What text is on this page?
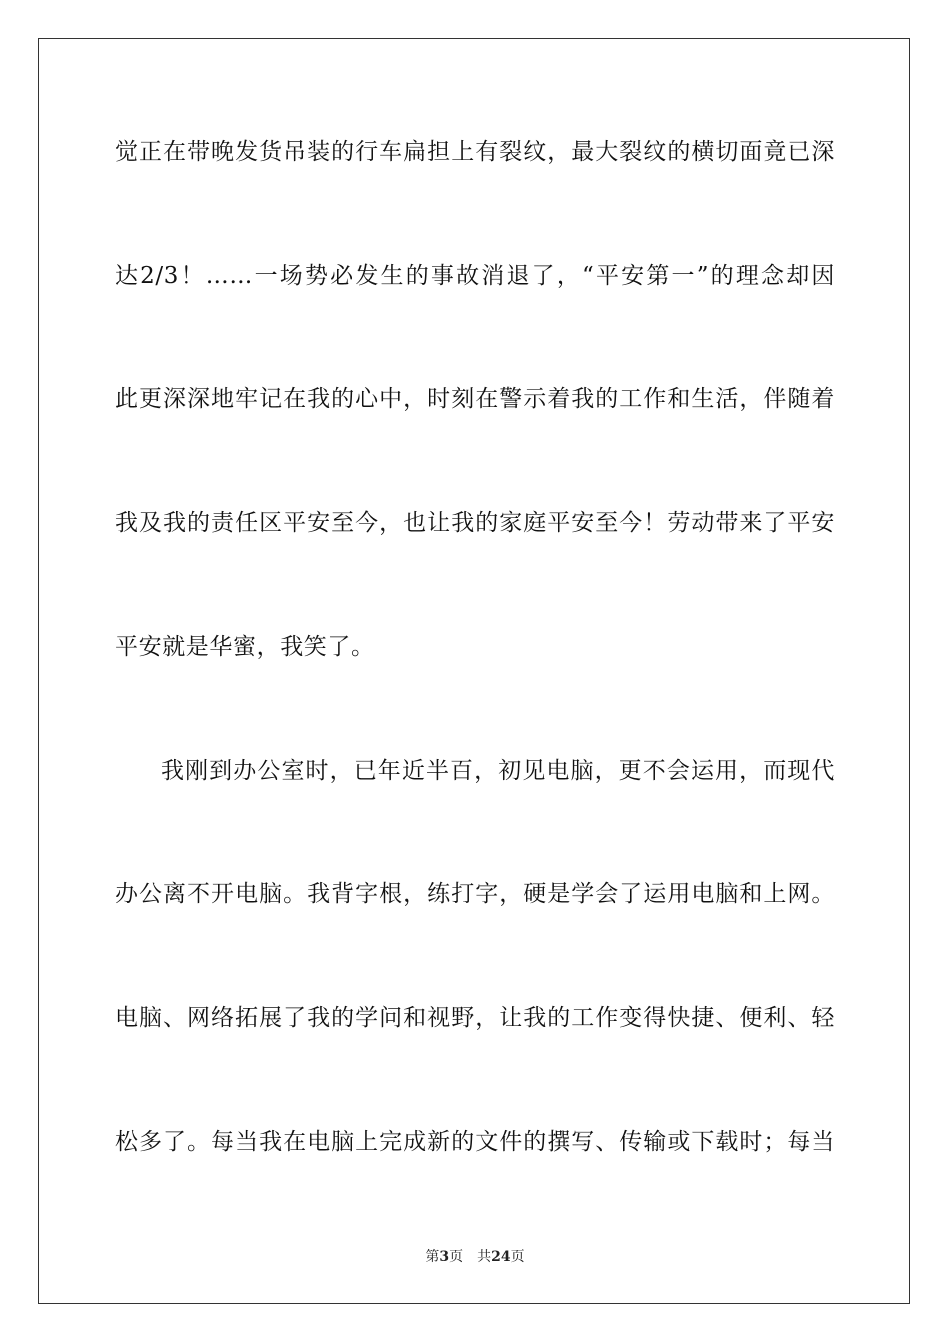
觉正在带晚发货吊装的行车扁担上有裂纹，最大裂纹的横切面竟已深
达2/3！……一场势必发生的事故消退了，“平安第一”的理念却因
此更深深地牢记在我的心中，时刻在警示着我的工作和生活，伴随着
我及我的责任区平安至今，也让我的家庭平安至今！劳动带来了平安
平安就是华蜜，我笑了。
我刚到办公室时，已年近半百，初见电脑，更不会运用，而现代
办公离不开电脑。我背字根，练打字，硬是学会了运用电脑和上网。
电脑、网络拓展了我的学问和视野，让我的工作变得快捷、便利、轻
松多了。每当我在电脑上完成新的文件的撰写、传输或下载时；每当
第3页 共24页
